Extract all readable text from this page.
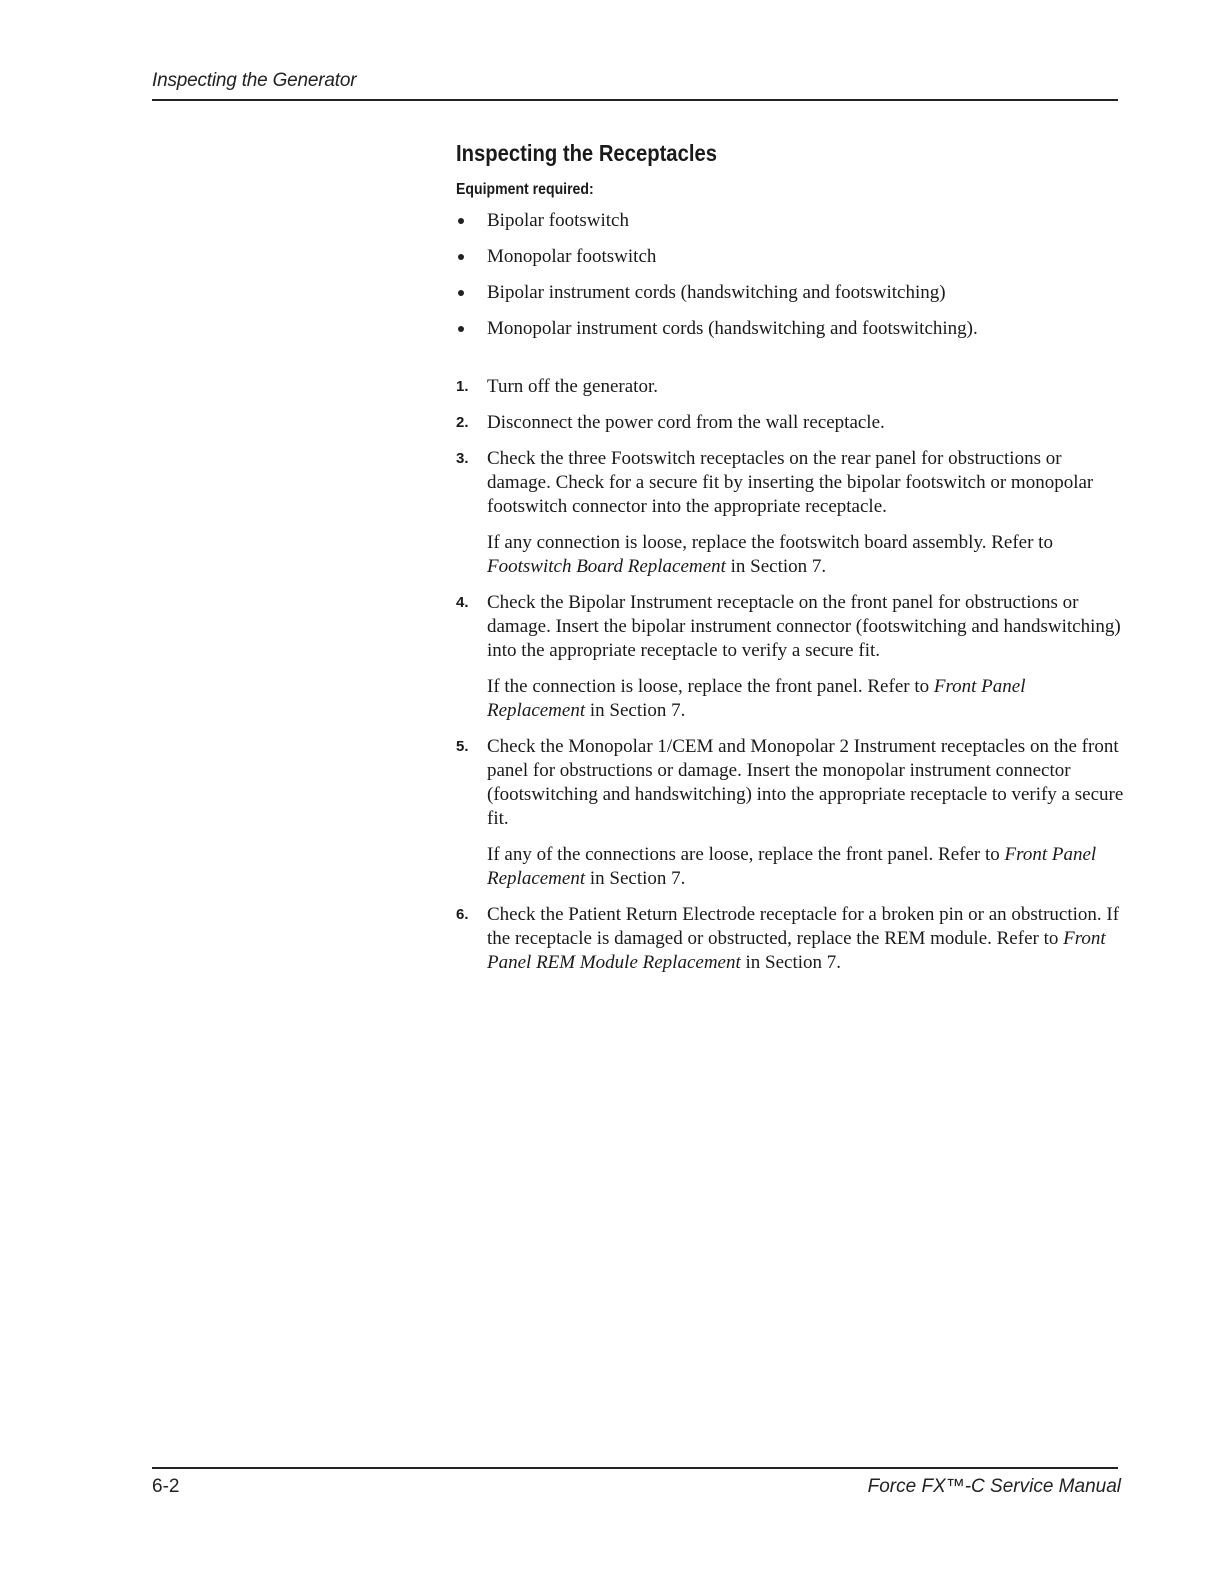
Inspecting the Generator
Inspecting the Receptacles
Equipment required:
Bipolar footswitch
Monopolar footswitch
Bipolar instrument cords (handswitching and footswitching)
Monopolar instrument cords (handswitching and footswitching).
1. Turn off the generator.

2. Disconnect the power cord from the wall receptacle.

3. Check the three Footswitch receptacles on the rear panel for obstructions or damage. Check for a secure fit by inserting the bipolar footswitch or monopolar footswitch connector into the appropriate receptacle.

If any connection is loose, replace the footswitch board assembly. Refer to Footswitch Board Replacement in Section 7.

4. Check the Bipolar Instrument receptacle on the front panel for obstructions or damage. Insert the bipolar instrument connector (footswitching and handswitching) into the appropriate receptacle to verify a secure fit.

If the connection is loose, replace the front panel. Refer to Front Panel Replacement in Section 7.

5. Check the Monopolar 1/CEM and Monopolar 2 Instrument receptacles on the front panel for obstructions or damage. Insert the monopolar instrument connector (footswitching and handswitching) into the appropriate receptacle to verify a secure fit.

If any of the connections are loose, replace the front panel. Refer to Front Panel Replacement in Section 7.

6. Check the Patient Return Electrode receptacle for a broken pin or an obstruction. If the receptacle is damaged or obstructed, replace the REM module. Refer to Front Panel REM Module Replacement in Section 7.

6-2	Force FX™-C Service Manual
